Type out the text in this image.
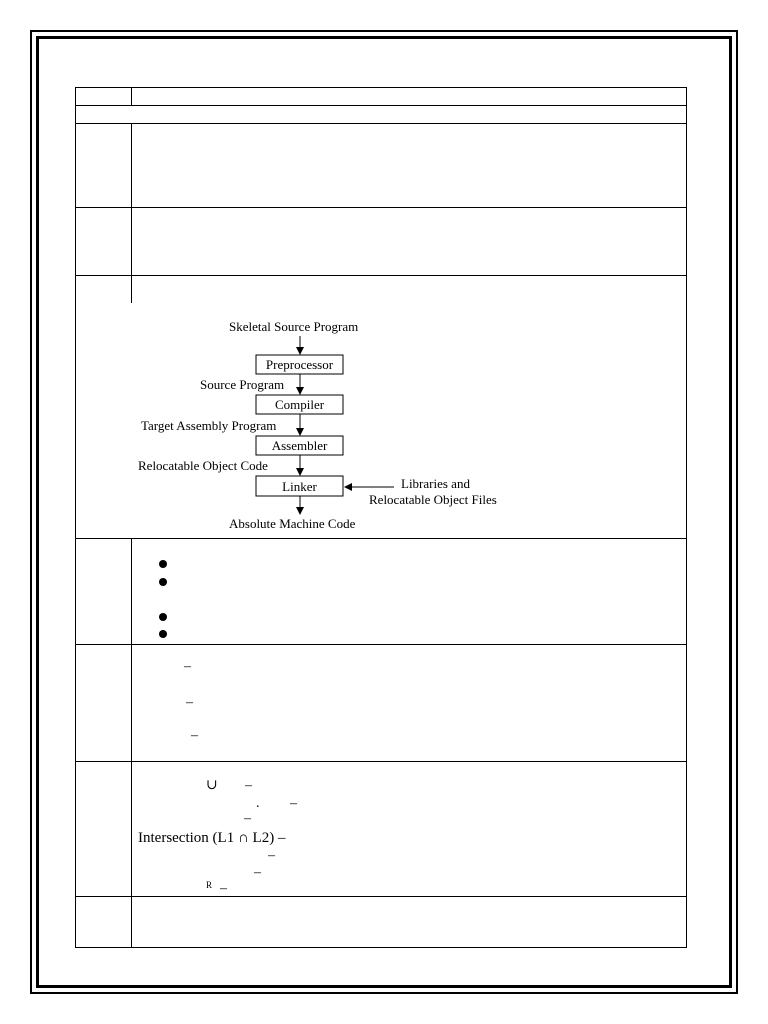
Skeletal Source Program
Preprocessor
Source Program
Compiler
Target Assembly Program
Assembler
Relocatable Object Code
Linker
Absolute Machine Code
Libraries and
Relocatable Object Files
–
–
–
∪ –
. –
–
Intersection (L1 ∩ L2) –
–
–
R –
